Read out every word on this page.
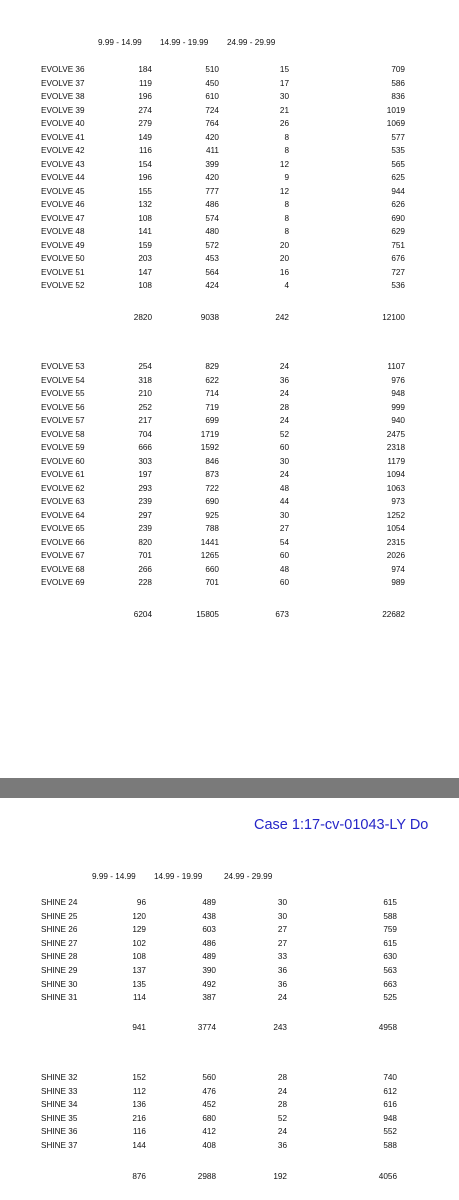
9.99 - 14.99 14.99 - 19.99 24.99 - 29.99
EVOLVE 36	184	510	15	709
EVOLVE 37	119	450	17	586
EVOLVE 38	196	610	30	836
EVOLVE 39	274	724	21	1019
EVOLVE 40	279	764	26	1069
EVOLVE 41	149	420	8	577
EVOLVE 42	116	411	8	535
EVOLVE 43	154	399	12	565
EVOLVE 44	196	420	9	625
EVOLVE 45	155	777	12	944
EVOLVE 46	132	486	8	626
EVOLVE 47	108	574	8	690
EVOLVE 48	141	480	8	629
EVOLVE 49	159	572	20	751
EVOLVE 50	203	453	20	676
EVOLVE 51	147	564	16	727
EVOLVE 52	108	424	4	536
2820	9038	242	12100
EVOLVE 53	254	829	24	1107
EVOLVE 54	318	622	36	976
EVOLVE 55	210	714	24	948
EVOLVE 56	252	719	28	999
EVOLVE 57	217	699	24	940
EVOLVE 58	704	1719	52	2475
EVOLVE 59	666	1592	60	2318
EVOLVE 60	303	846	30	1179
EVOLVE 61	197	873	24	1094
EVOLVE 62	293	722	48	1063
EVOLVE 63	239	690	44	973
EVOLVE 64	297	925	30	1252
EVOLVE 65	239	788	27	1054
EVOLVE 66	820	1441	54	2315
EVOLVE 67	701	1265	60	2026
EVOLVE 68	266	660	48	974
EVOLVE 69	228	701	60	989
6204	15805	673	22682
Case 1:17-cv-01043-LY Do
9.99 - 14.99 14.99 - 19.99	24.99 - 29.99
SHINE 24	96	489	30	615
SHINE 25	120	438	30	588
SHINE 26	129	603	27	759
SHINE 27	102	486	27	615
SHINE 28	108	489	33	630
SHINE 29	137	390	36	563
SHINE 30	135	492	36	663
SHINE 31	114	387	24	525
941	3774	243	4958
SHINE 32	152	560	28	740
SHINE 33	112	476	24	612
SHINE 34	136	452	28	616
SHINE 35	216	680	52	948
SHINE 36	116	412	24	552
SHINE 37	144	408	36	588
876	2988	192	4056
